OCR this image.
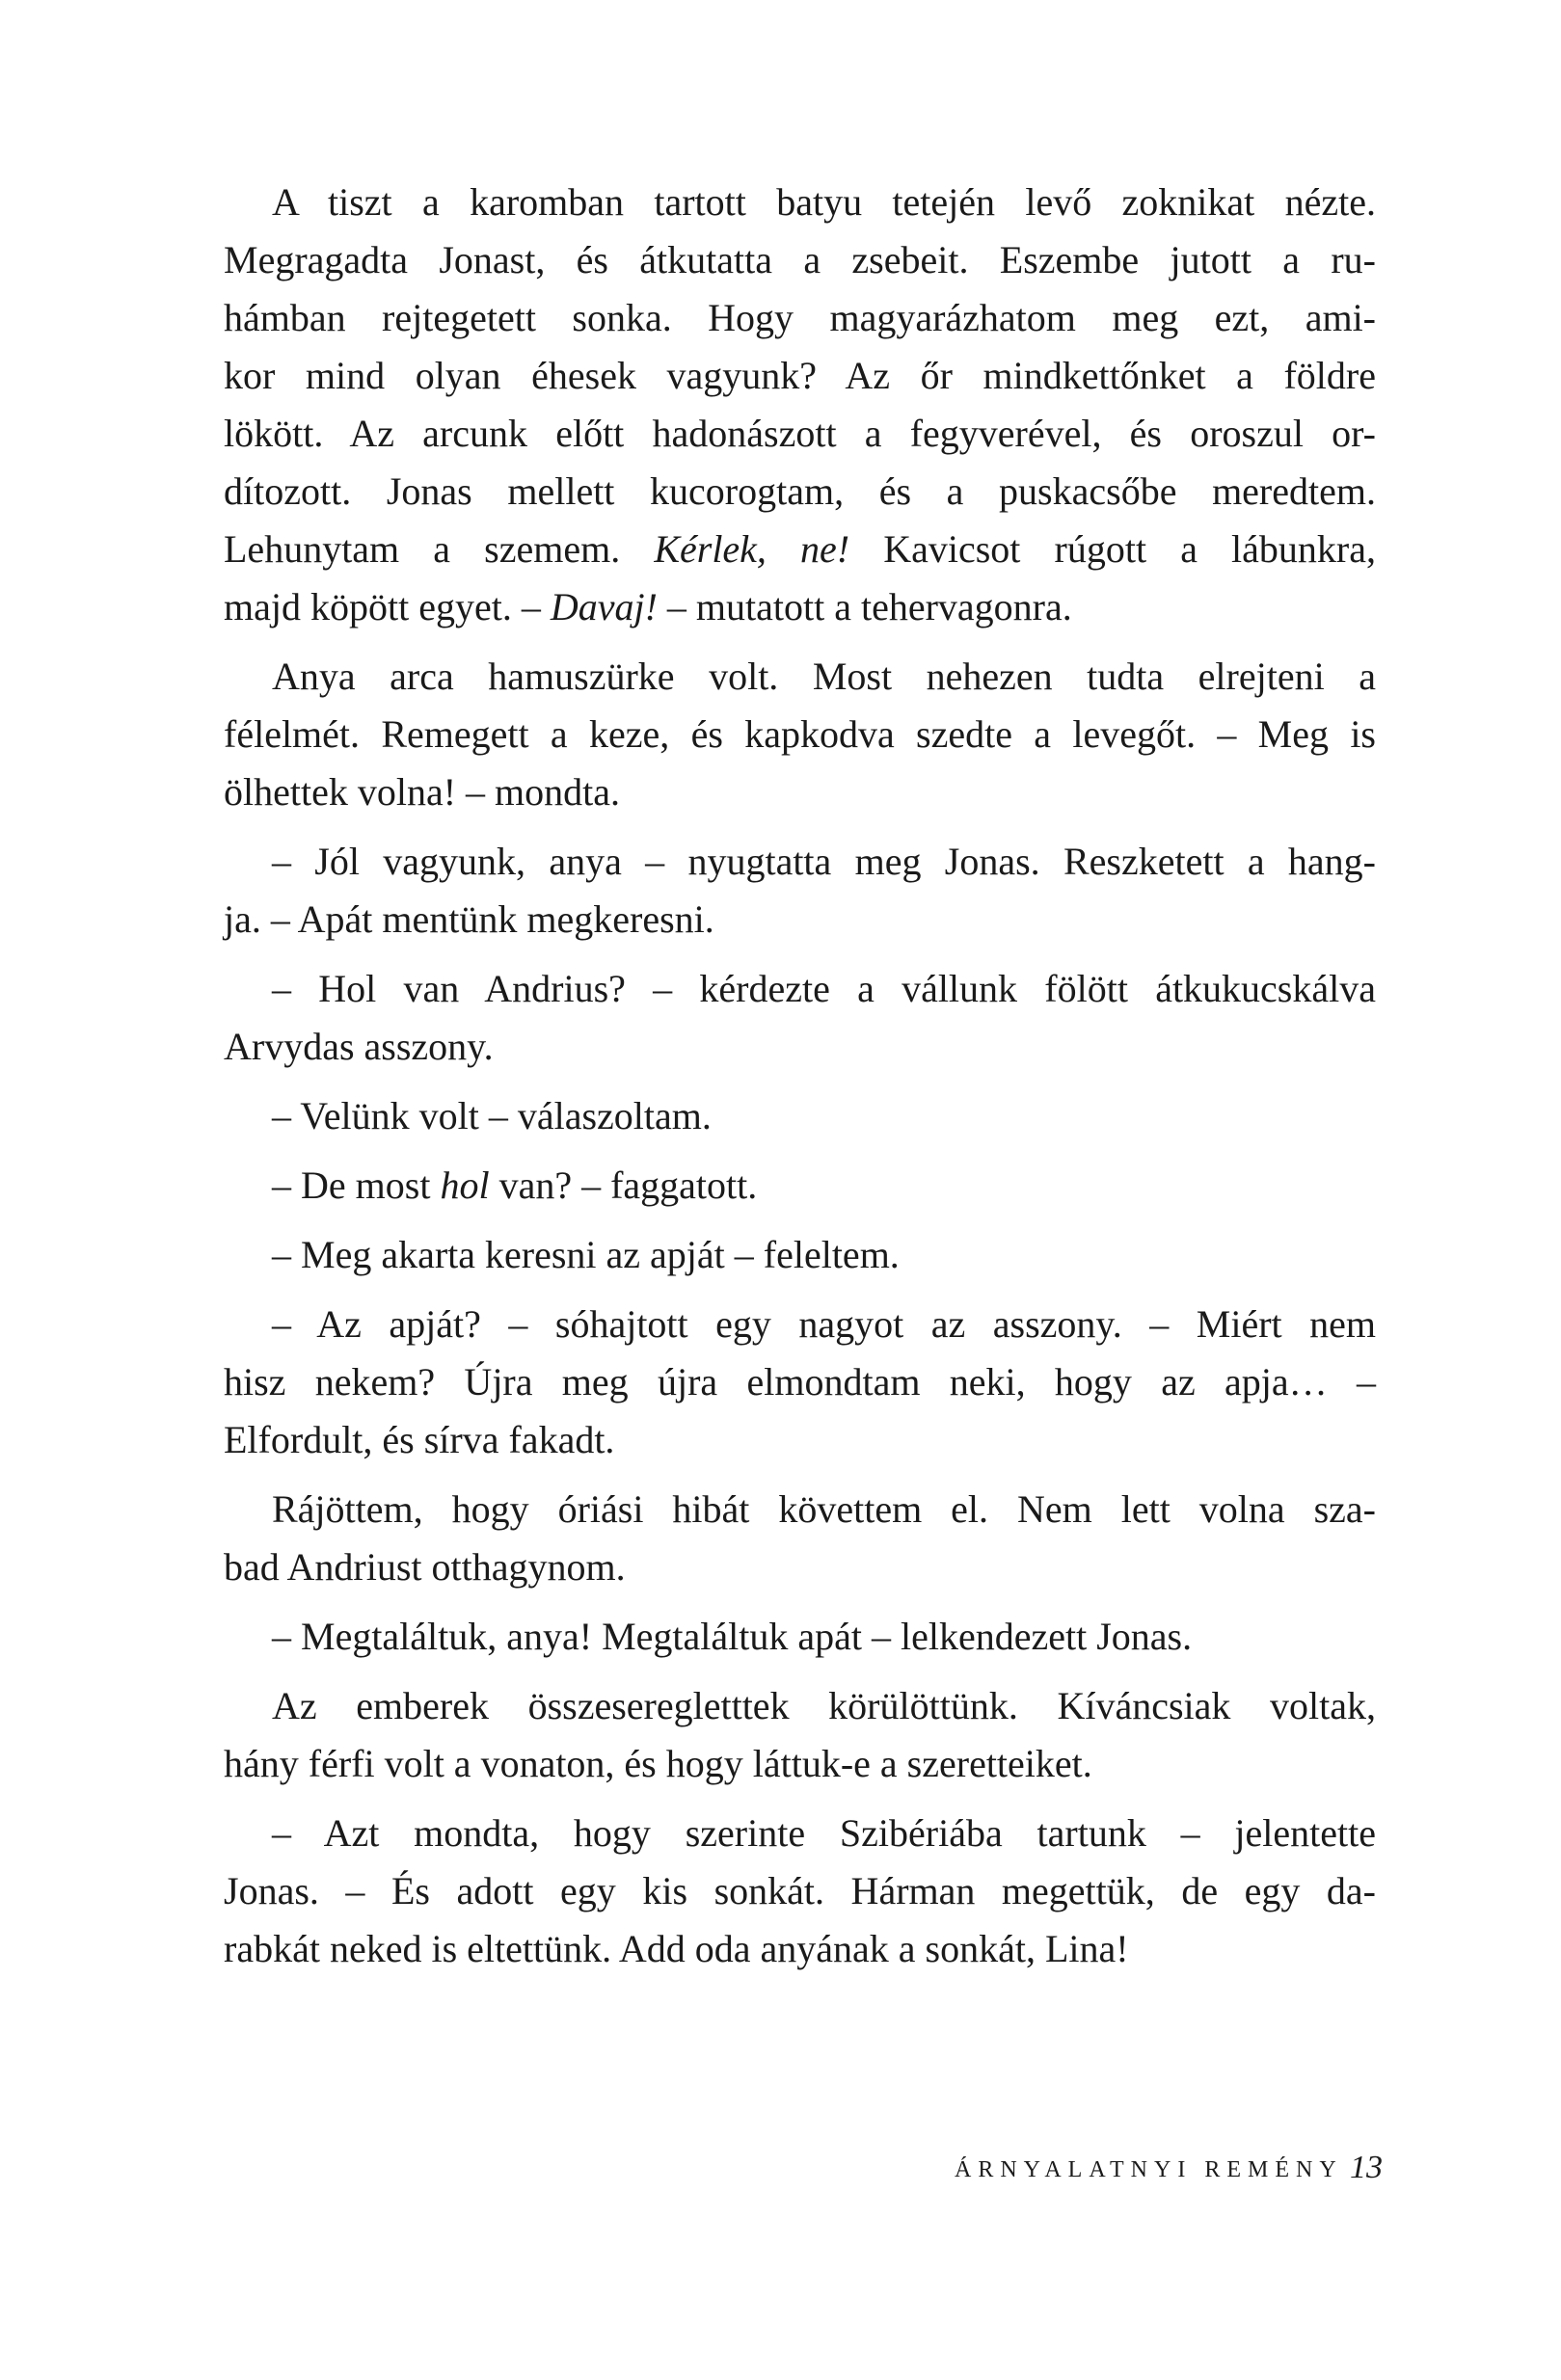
A tiszt a karomban tartott batyu tetején levő zoknikat nézte.
Megragadta Jonast, és átkutatta a zsebeit. Eszembe jutott a ru-
hámban rejtegetett sonka. Hogy magyarázhatom meg ezt, ami-
kor mind olyan éhesek vagyunk? Az őr mindkettőnket a földre
lökött. Az arcunk előtt hadonászott a fegyverével, és oroszul or-
dítozott. Jonas mellett kucorogtam, és a puskacsőbe meredtem.
Lehunytam a szemem. Kérlek, ne! Kavicsot rúgott a lábunkra,
majd köpött egyet. – Davaj! – mutatott a tehervagonra.
Anya arca hamuszürke volt. Most nehezen tudta elrejteni a
félelmét. Remegett a keze, és kapkodva szedte a levegőt. – Meg is
ölhettek volna! – mondta.
– Jól vagyunk, anya – nyugtatta meg Jonas. Reszketett a hang-
ja. – Apát mentünk megkeresni.
– Hol van Andrius? – kérdezte a vállunk fölött átkukucskálva
Arvydas asszony.
– Velünk volt – válaszoltam.
– De most hol van? – faggatott.
– Meg akarta keresni az apját – feleltem.
– Az apját? – sóhajtott egy nagyot az asszony. – Miért nem
hisz nekem? Újra meg újra elmondtam neki, hogy az apja… –
Elfordult, és sírva fakadt.
Rájöttem, hogy óriási hibát követtem el. Nem lett volna sza-
bad Andriust otthagynom.
– Megtaláltuk, anya! Megtaláltuk apát – lelkendezett Jonas.
Az emberek összeseregletttek körülöttünk. Kíváncsiak voltak,
hány férfi volt a vonaton, és hogy láttuk-e a szeretteiket.
– Azt mondta, hogy szerinte Szibériába tartunk – jelentette
Jonas. – És adott egy kis sonkát. Hárman megettük, de egy da-
rabkát neked is eltettünk. Add oda anyának a sonkát, Lina!
ÁRNYALATNYI REMÉNY 13
